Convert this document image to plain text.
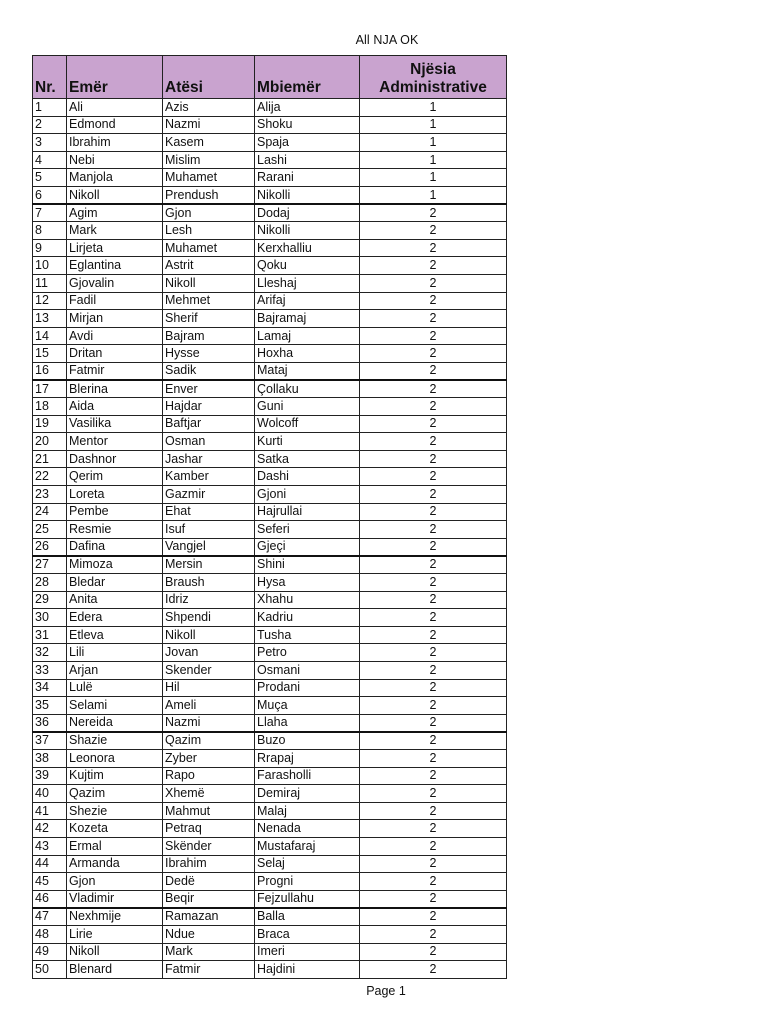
All NJA OK
Nr.	Emër	Atësi	Mbiemër	Njësia
Administrative

1	Ali	Azis	Alija	1
2	Edmond	Nazmi	Shoku	1
3	Ibrahim	Kasem	Spaja	1
4	Nebi	Mislim	Lashi	1
5	Manjola	Muhamet	Rarani	1
6	Nikoll	Prendush	Nikolli	1
7	Agim	Gjon	Dodaj	2
8	Mark	Lesh	Nikolli	2
9	Lirjeta	Muhamet	Kerxhalliu	2
10	Eglantina	Astrit	Qoku	2
11	Gjovalin	Nikoll	Lleshaj	2
12	Fadil	Mehmet	Arifaj	2
13	Mirjan	Sherif	Bajramaj	2
14	Avdi	Bajram	Lamaj	2
15	Dritan	Hysse	Hoxha	2
16	Fatmir	Sadik	Mataj	2
17	Blerina	Enver	Çollaku	2
18	Aida	Hajdar	Guni	2
19	Vasilika	Baftjar	Wolcoff	2
20	Mentor	Osman	Kurti	2
21	Dashnor	Jashar	Satka	2
22	Qerim	Kamber	Dashi	2
23	Loreta	Gazmir	Gjoni	2
24	Pembe	Ehat	Hajrullai	2
25	Resmie	Isuf	Seferi	2
26	Dafina	Vangjel	Gjeçi	2
27	Mimoza	Mersin	Shini	2
28	Bledar	Braush	Hysa	2
29	Anita	Idriz	Xhahu	2
30	Edera	Shpendi	Kadriu	2
31	Etleva	Nikoll	Tusha	2
32	Lili	Jovan	Petro	2
33	Arjan	Skender	Osmani	2
34	Lulë	Hil	Prodani	2
35	Selami	Ameli	Muça	2
36	Nereida	Nazmi	Llaha	2
37	Shazie	Qazim	Buzo	2
38	Leonora	Zyber	Rrapaj	2
39	Kujtim	Rapo	Farasholli	2
40	Qazim	Xhemë	Demiraj	2
41	Shezie	Mahmut	Malaj	2
42	Kozeta	Petraq	Nenada	2
43	Ermal	Skënder	Mustafaraj	2
44	Armanda	Ibrahim	Selaj	2
45	Gjon	Dedë	Progni	2
46	Vladimir	Beqir	Fejzullahu	2
47	Nexhmije	Ramazan	Balla	2
48	Lirie	Ndue	Braca	2
49	Nikoll	Mark	Imeri	2
50	Blenard	Fatmir	Hajdini	2
Page 1
